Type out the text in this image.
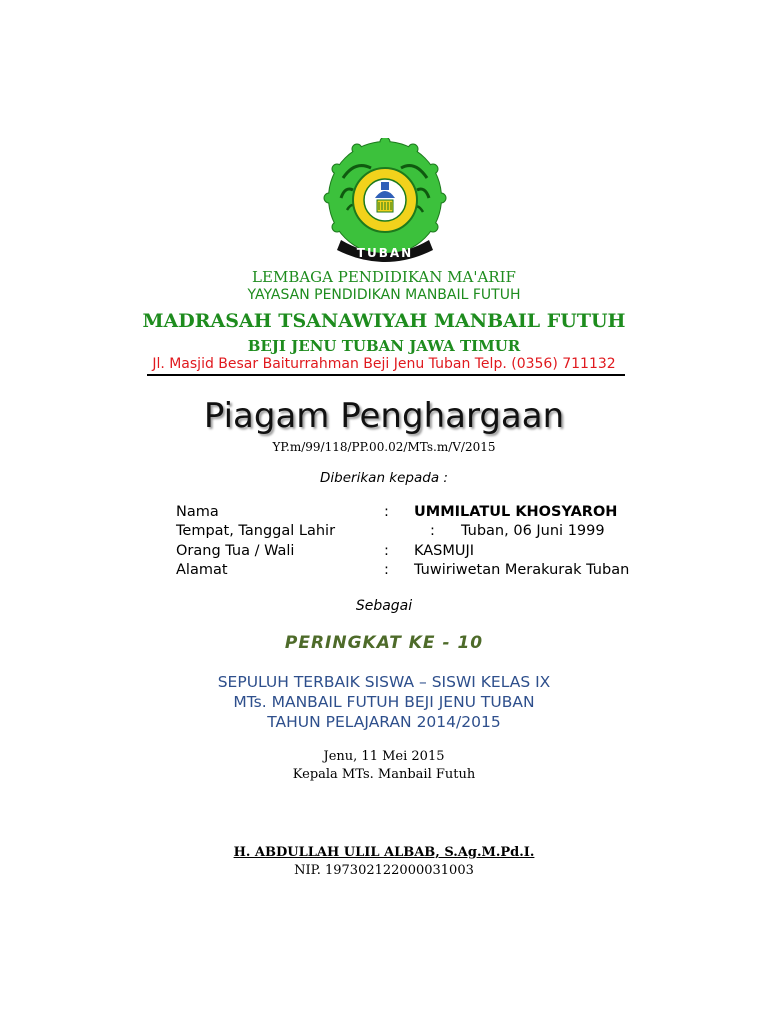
TUBAN
LEMBAGA PENDIDIKAN MA'ARIF
YAYASAN PENDIDIKAN MANBAIL FUTUH
MADRASAH TSANAWIYAH MANBAIL FUTUH
BEJI JENU TUBAN JAWA TIMUR
Jl. Masjid Besar Baiturrahman Beji Jenu Tuban Telp. (0356) 711132
Piagam Penghargaan
YP.m/99/118/PP.00.02/MTs.m/V/2015
Diberikan kepada :
Nama	: UMMILATUL KHOSYAROH
Tempat, Tanggal Lahir	: Tuban, 06 Juni 1999
Orang Tua / Wali	: KASMUJI
Alamat	: Tuwiriwetan Merakurak Tuban
Sebagai
PERINGKAT KE - 10
SEPULUH TERBAIK SISWA – SISWI KELAS IX
MTs. MANBAIL FUTUH BEJI JENU TUBAN
TAHUN PELAJARAN 2014/2015
Jenu, 11 Mei 2015
Kepala MTs. Manbail Futuh
H. ABDULLAH ULIL ALBAB, S.Ag.M.Pd.I.
NIP. 197302122000031003
